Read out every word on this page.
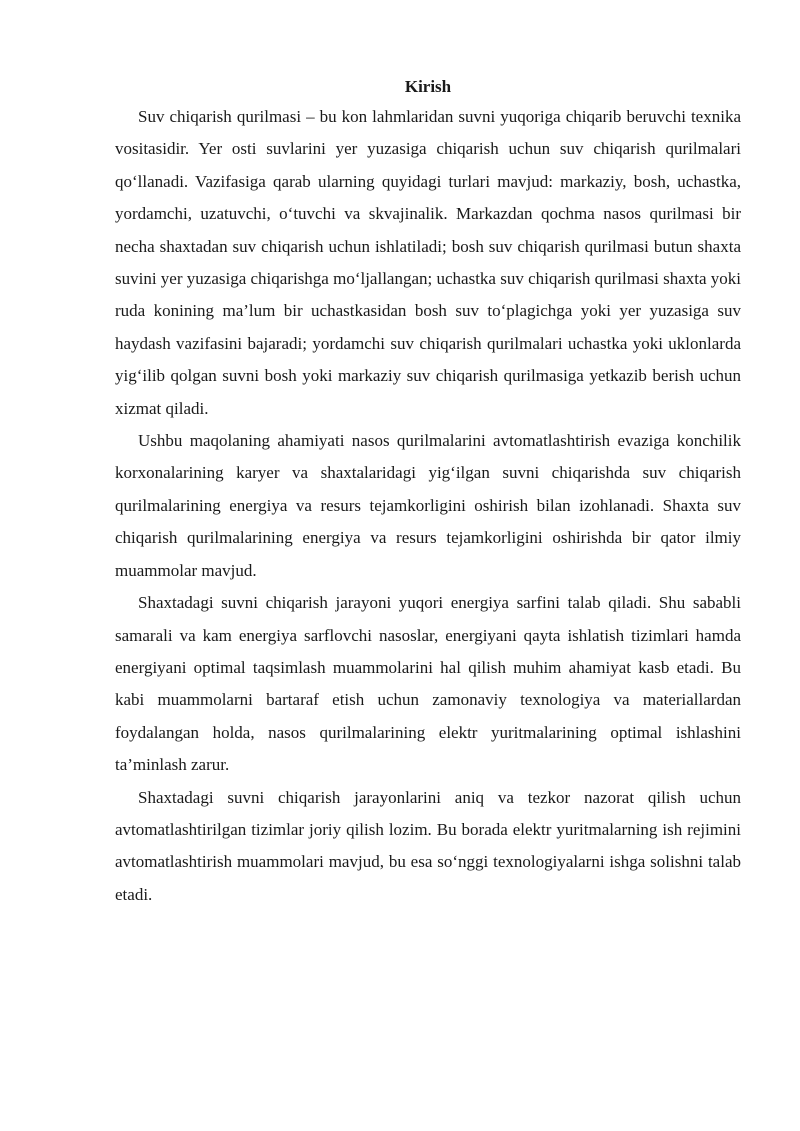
Kirish

Suv chiqarish qurilmasi – bu kon lahmlaridan suvni yuqoriga chiqarib beruvchi texnika vositasidir. Yer osti suvlarini yer yuzasiga chiqarish uchun suv chiqarish qurilmalari qo‘llanadi. Vazifasiga qarab ularning quyidagi turlari mavjud: markaziy, bosh, uchastka, yordamchi, uzatuvchi, o‘tuvchi va skvajinalik. Markazdan qochma nasos qurilmasi bir necha shaxtadan suv chiqarish uchun ishlatiladi; bosh suv chiqarish qurilmasi butun shaxta suvini yer yuzasiga chiqarishga mo‘ljallangan; uchastka suv chiqarish qurilmasi shaxta yoki ruda konining ma’lum bir uchastkasidan bosh suv to‘plagichga yoki yer yuzasiga suv haydash vazifasini bajaradi; yordamchi suv chiqarish qurilmalari uchastka yoki uklonlarda yig‘ilib qolgan suvni bosh yoki markaziy suv chiqarish qurilmasiga yetkazib berish uchun xizmat qiladi.

Ushbu maqolaning ahamiyati nasos qurilmalarini avtomatlashtirish evaziga konchilik korxonalarining karyer va shaxtalaridagi yig‘ilgan suvni chiqarishda suv chiqarish qurilmalarining energiya va resurs tejamkorligini oshirish bilan izohlanadi. Shaxta suv chiqarish qurilmalarining energiya va resurs tejamkorligini oshirishda bir qator ilmiy muammolar mavjud.

Shaxtadagi suvni chiqarish jarayoni yuqori energiya sarfini talab qiladi. Shu sababli samarali va kam energiya sarflovchi nasoslar, energiyani qayta ishlatish tizimlari hamda energiyani optimal taqsimlash muammolarini hal qilish muhim ahamiyat kasb etadi. Bu kabi muammolarni bartaraf etish uchun zamonaviy texnologiya va materiallardan foydalangan holda, nasos qurilmalarining elektr yuritmalarining optimal ishlashini ta’minlash zarur.

Shaxtadagi suvni chiqarish jarayonlarini aniq va tezkor nazorat qilish uchun avtomatlashtirilgan tizimlar joriy qilish lozim. Bu borada elektr yuritmalarning ish rejimini avtomatlashtirish muammolari mavjud, bu esa so‘nggi texnologiyalarni ishga solishni talab etadi.
